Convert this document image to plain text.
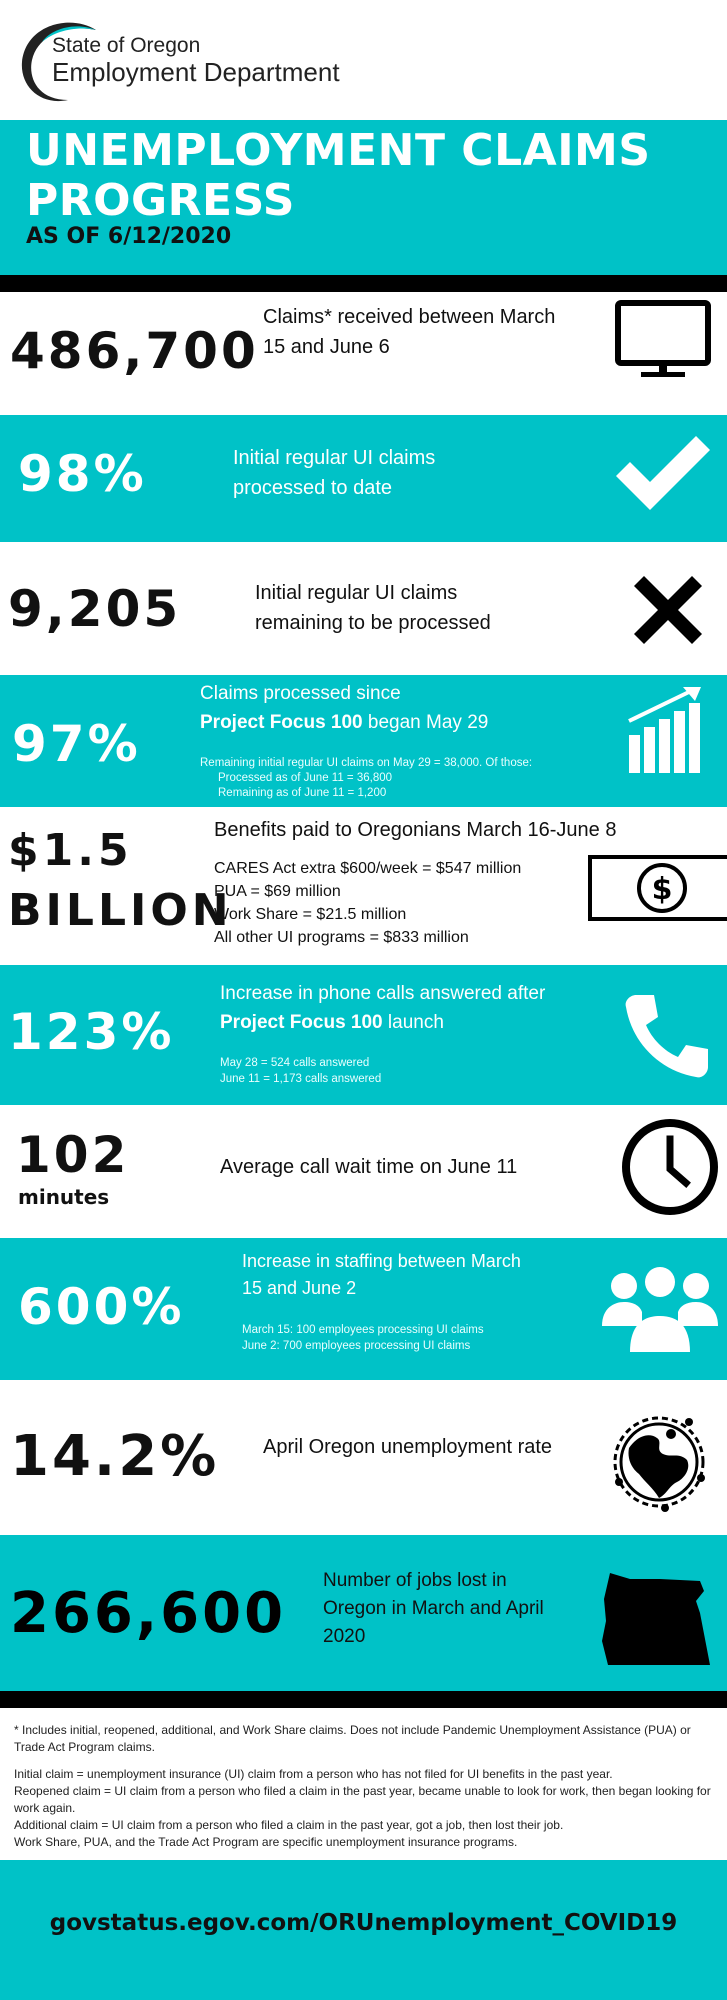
State of Oregon
Employment Department
UNEMPLOYMENT CLAIMS PROGRESS
AS OF 6/12/2020
486,700
Claims* received between March 15 and June 6
98%	Initial regular UI claims processed to date
9,205	Initial regular UI claims remaining to be processed
97%
Claims processed since
Project Focus 100 began May 29
Remaining initial regular UI claims on May 29 = 38,000. Of those:
Processed as of June 11 = 36,800
Remaining as of June 11 = 1,200
$1.5
BILLION
Benefits paid to Oregonians March 16-June 8
CARES Act extra $600/week = $547 million
PUA = $69 million
Work Share = $21.5 million
All other UI programs = $833 million
$
123%
Increase in phone calls answered after
Project Focus 100 launch
May 28 = 524 calls answered
June 11 = 1,173 calls answered
102
minutes
Average call wait time on June 11
600%
Increase in staffing between March 15 and June 2
March 15: 100 employees processing UI claims
June 2: 700 employees processing UI claims
14.2% April Oregon unemployment rate
266,600
Number of jobs lost in Oregon in March and April 2020

* Includes initial, reopened, additional, and Work Share claims. Does not include Pandemic Unemployment Assistance (PUA) or Trade Act Program claims.

Initial claim = unemployment insurance (UI) claim from a person who has not filed for UI benefits in the past year.

Reopened claim = UI claim from a person who filed a claim in the past year, became unable to look for work, then began looking for work again.

Additional claim = UI claim from a person who filed a claim in the past year, got a job, then lost their job.

Work Share, PUA, and the Trade Act Program are specific unemployment insurance programs.

govstatus.egov.com/ORUnemployment_COVID19
